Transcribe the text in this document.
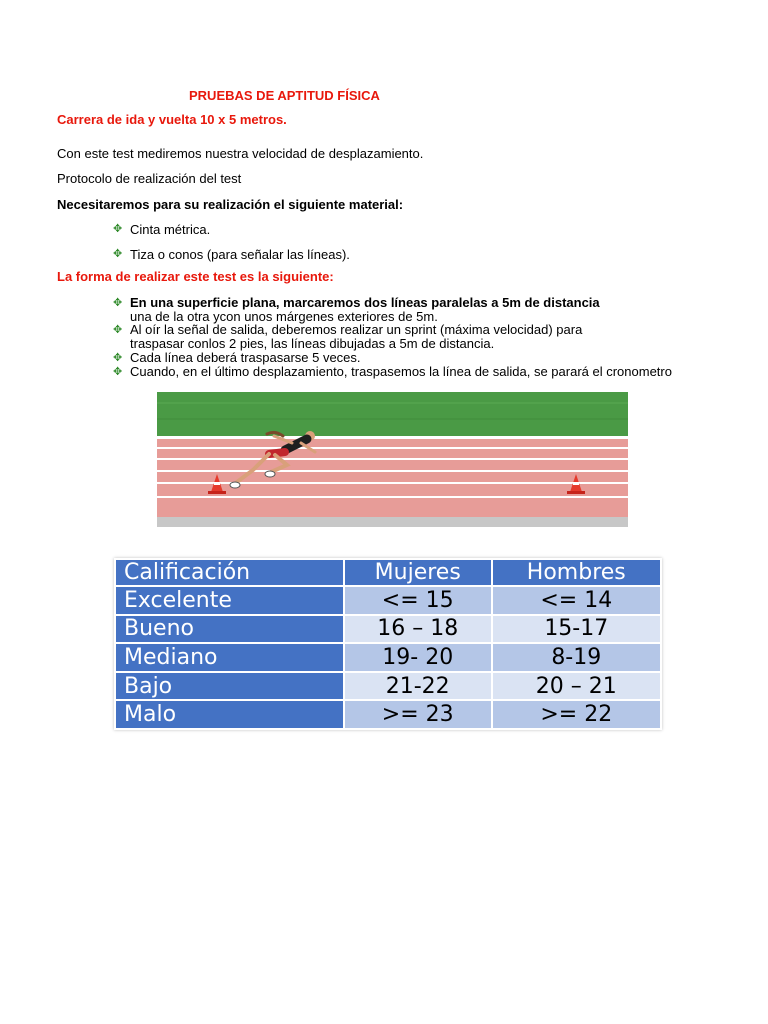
PRUEBAS DE APTITUD FÍSICA
Carrera de ida y vuelta 10 x 5 metros.
Con este test mediremos nuestra velocidad de desplazamiento.
Protocolo de realización del test
Necesitaremos para su realización el siguiente material:
✥ Cinta métrica.
✥ Tiza o conos (para señalar las líneas).
La forma de realizar este test es la siguiente:
✥ En una superficie plana, marcaremos dos líneas paralelas a 5m de distancia
una de la otra ycon unos márgenes exteriores de 5m.
✥ Al oír la señal de salida, deberemos realizar un sprint (máxima velocidad) para
traspasar conlos 2 pies, las líneas dibujadas a 5m de distancia.
✥ Cada línea deberá traspasarse 5 veces.
✥ Cuando, en el último desplazamiento, traspasemos la línea de salida, se parará el cronometro
Calificación	Mujeres	Hombres
Excelente	<= 15	<= 14
Bueno	16 – 18	15-17
Mediano	19- 20	8-19
Bajo	21-22	20 – 21
Malo	>= 23	>= 22
